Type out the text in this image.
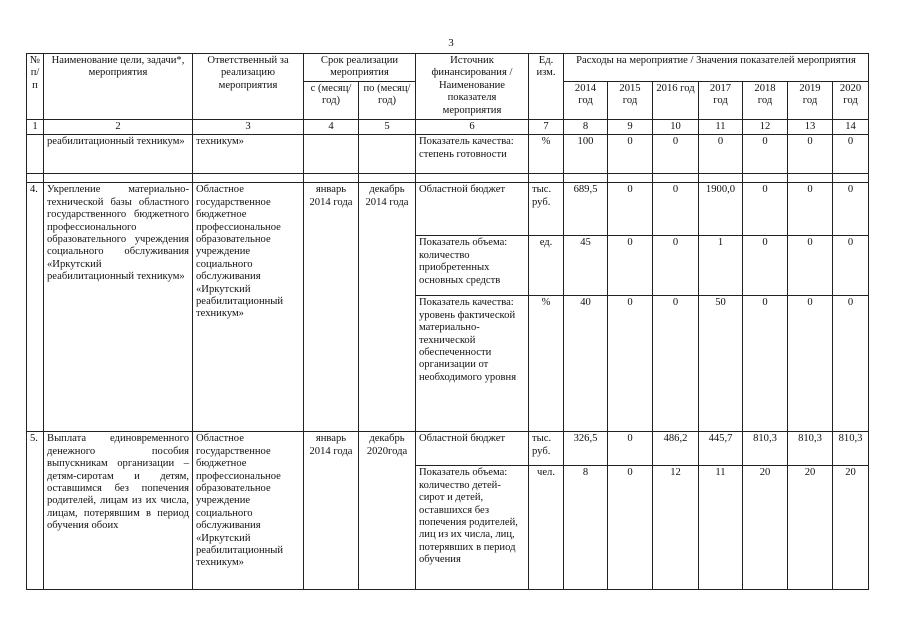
3
№ п/п	Наименование цели, задачи*, мероприятия	Ответственный за реализацию мероприятия	Срок реализации мероприятия		Источник финансирования / Наименование показателя мероприятия	Ед. изм.	Расходы на мероприятие / Значения показателей мероприятия						
			с (месяц/год)	по (месяц/год)			2014 год	2015 год	2016 год	2017 год	2018 год	2019 год	2020 год
1	2	3	4	5	6	7	8	9	10	11	12	13	14
	реабилитационный техникум»	техникум»			Показатель качества: степень готовности	%	100	0	0	0	0	0	0

4.	Укрепление материально-технической базы областного государственного бюджетного профессионального образовательного учреждения социального обслуживания «Иркутский реабилитационный техникум»	Областное государственное бюджетное профессиональное образовательное учреждение социального обслуживания «Иркутский реабилитационный техникум»	январь 2014 года	декабрь 2014 года	Областной бюджет	тыс. руб.	689,5	0	0	1900,0	0	0	0
					Показатель объема: количество приобретенных основных средств	ед.	45	0	0	1	0	0	0
					Показатель качества: уровень фактической материально-технической обеспеченности организации от необходимого уровня	%	40	0	0	50	0	0	0
5.	Выплата единовременного денежного пособия выпускникам организации – детям-сиротам и детям, оставшимся без попечения родителей, лицам из их числа, лицам, потерявшим в период обучения обоих	Областное государственное бюджетное профессиональное образовательное учреждение социального обслуживания «Иркутский реабилитационный техникум»	январь 2014 года	декабрь 2020года	Областной бюджет	тыс. руб.	326,5	0	486,2	445,7	810,3	810,3	810,3
					Показатель объема: количество детей-сирот и детей, оставшихся без попечения родителей, лиц из их числа, лиц, потерявших в период обучения	чел.	8	0	12	11	20	20	20
